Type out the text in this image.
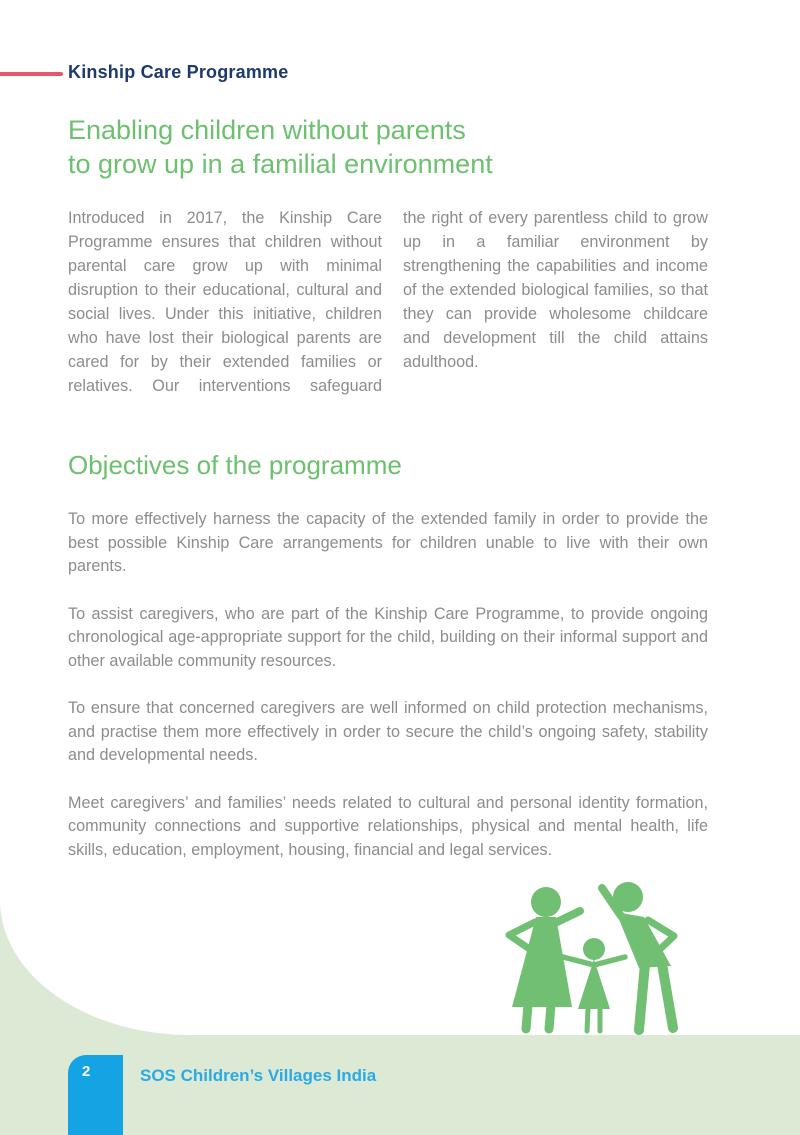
Kinship Care Programme
Enabling children without parents
to grow up in a familial environment
Introduced in 2017, the Kinship Care Programme ensures that children without parental care grow up with minimal disruption to their educational, cultural and social lives. Under this initiative, children who have lost their biological parents are cared for by their extended families or relatives. Our interventions safeguard
the right of every parentless child to grow up in a familiar environment by strengthening the capabilities and income of the extended biological families, so that they can provide wholesome childcare and development till the child attains adulthood.
Objectives of the programme

To more effectively harness the capacity of the extended family in order to provide the best possible Kinship Care arrangements for children unable to live with their own parents.

To assist caregivers, who are part of the Kinship Care Programme, to provide ongoing chronological age-appropriate support for the child, building on their informal support and other available community resources.

To ensure that concerned caregivers are well informed on child protection mechanisms, and practise them more effectively in order to secure the child’s ongoing safety, stability and developmental needs.

Meet caregivers’ and families’ needs related to cultural and personal identity formation, community connections and supportive relationships, physical and mental health, life skills, education, employment, housing, financial and legal services.

2	SOS Children’s Villages India
